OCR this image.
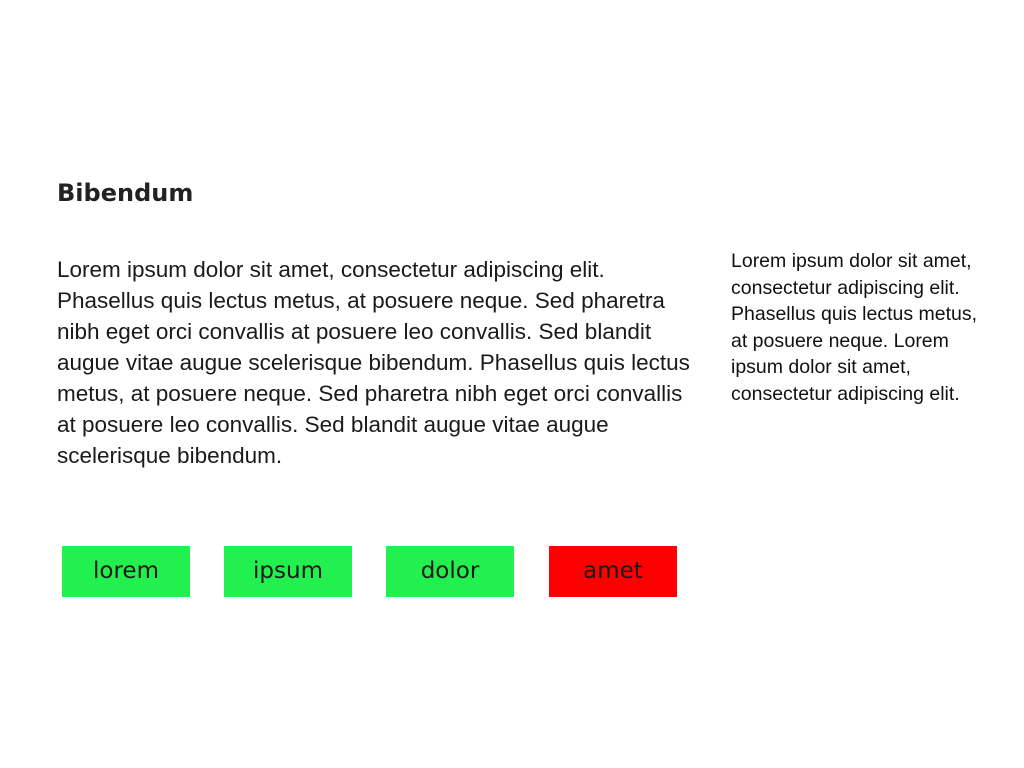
Bibendum

Lorem ipsum dolor sit amet, consectetur adipiscing elit. Phasellus quis lectus metus, at posuere neque. Sed pharetra nibh eget orci convallis at posuere leo convallis. Sed blandit augue vitae augue scelerisque bibendum. Phasellus quis lectus metus, at posuere neque. Sed pharetra nibh eget orci convallis at posuere leo convallis. Sed blandit augue vitae augue scelerisque bibendum.

Lorem ipsum dolor sit amet, consectetur adipiscing elit. Phasellus quis lectus metus, at posuere neque. Lorem ipsum dolor sit amet, consectetur adipiscing elit.

lorem	ipsum	dolor	amet
